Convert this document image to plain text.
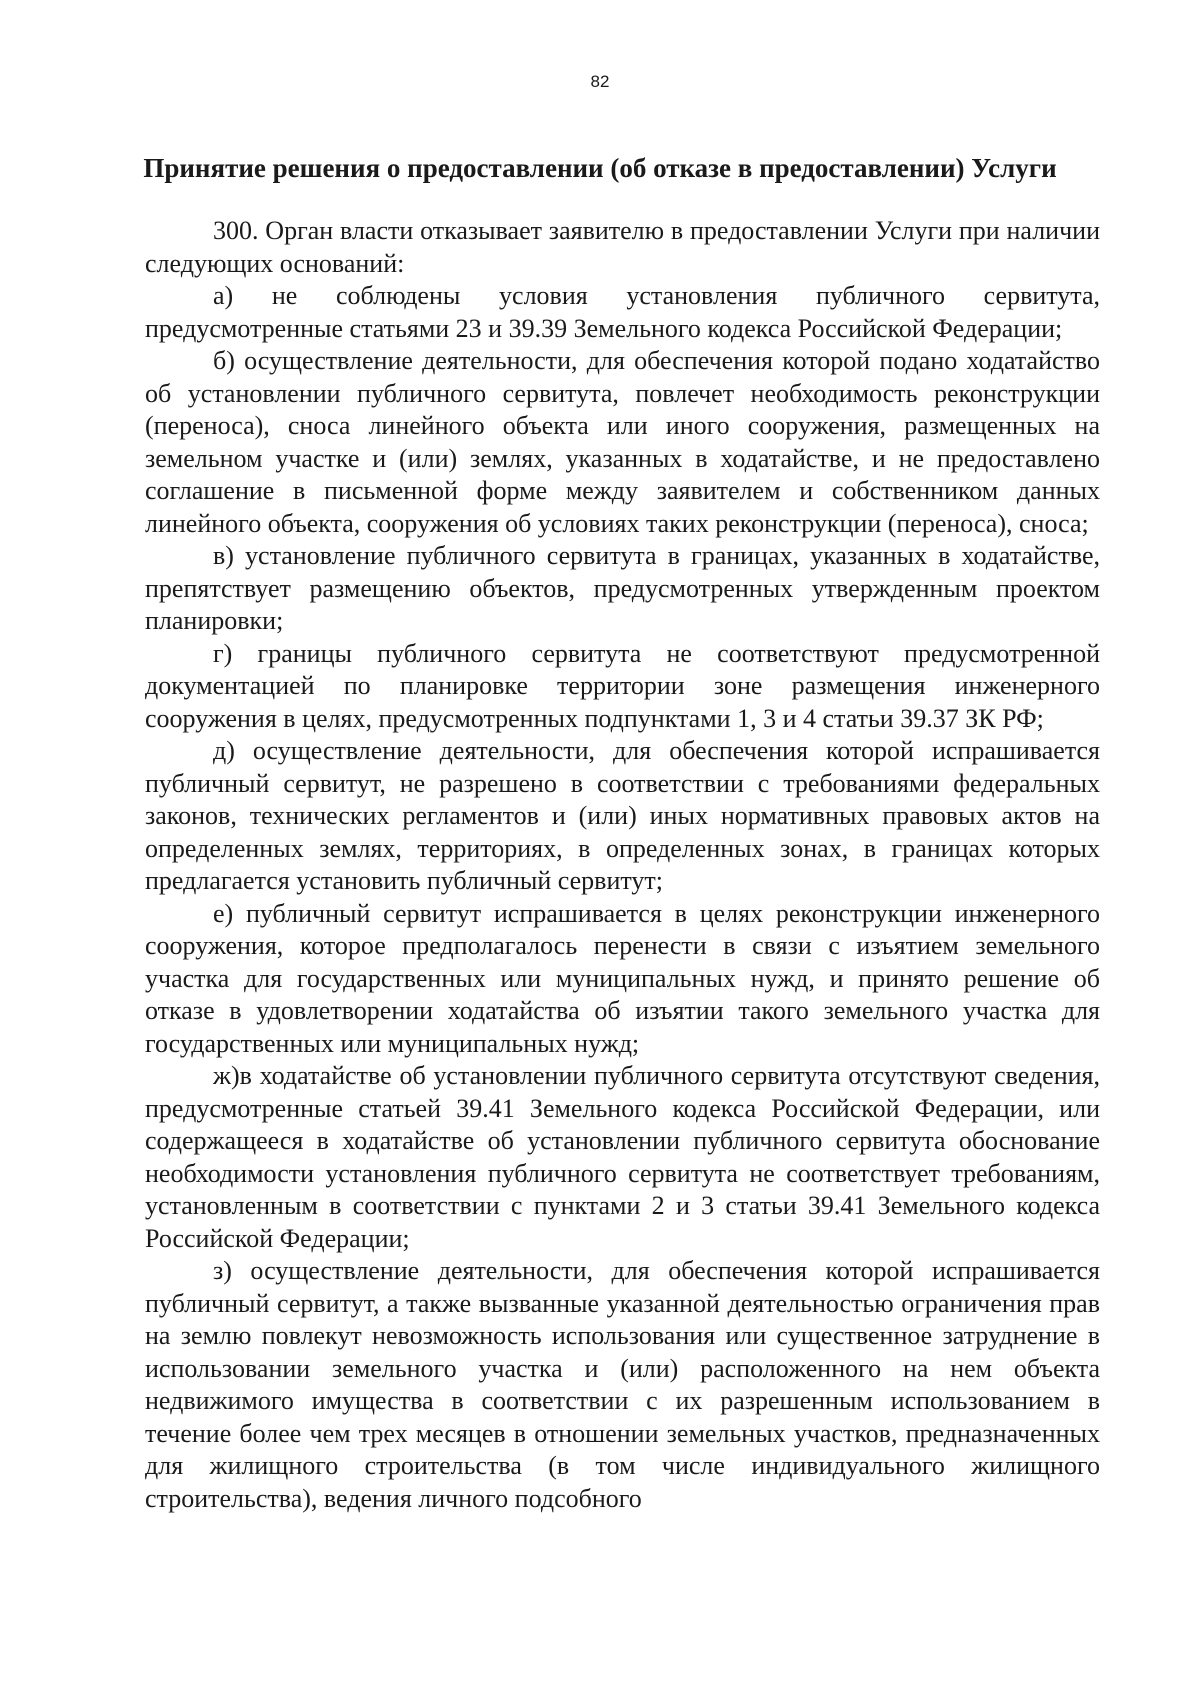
82
Принятие решения о предоставлении (об отказе в предоставлении) Услуги

300. Орган власти отказывает заявителю в предоставлении Услуги при наличии следующих оснований:

а) не соблюдены условия установления публичного сервитута, предусмотренные статьями 23 и 39.39 Земельного кодекса Российской Федерации;

б) осуществление деятельности, для обеспечения которой подано ходатайство об установлении публичного сервитута, повлечет необходимость реконструкции (переноса), сноса линейного объекта или иного сооружения, размещенных на земельном участке и (или) землях, указанных в ходатайстве, и не предоставлено соглашение в письменной форме между заявителем и собственником данных линейного объекта, сооружения об условиях таких реконструкции (переноса), сноса;

в) установление публичного сервитута в границах, указанных в ходатайстве, препятствует размещению объектов, предусмотренных утвержденным проектом планировки;

г) границы публичного сервитута не соответствуют предусмотренной документацией по планировке территории зоне размещения инженерного сооружения в целях, предусмотренных подпунктами 1, 3 и 4 статьи 39.37 ЗК РФ;

д) осуществление деятельности, для обеспечения которой испрашивается публичный сервитут, не разрешено в соответствии с требованиями федеральных законов, технических регламентов и (или) иных нормативных правовых актов на определенных землях, территориях, в определенных зонах, в границах которых предлагается установить публичный сервитут;

е) публичный сервитут испрашивается в целях реконструкции инженерного сооружения, которое предполагалось перенести в связи с изъятием земельного участка для государственных или муниципальных нужд, и принято решение об отказе в удовлетворении ходатайства об изъятии такого земельного участка для государственных или муниципальных нужд;

ж)в ходатайстве об установлении публичного сервитута отсутствуют сведения, предусмотренные статьей 39.41 Земельного кодекса Российской Федерации, или содержащееся в ходатайстве об установлении публичного сервитута обоснование необходимости установления публичного сервитута не соответствует требованиям, установленным в соответствии с пунктами 2 и 3 статьи 39.41 Земельного кодекса Российской Федерации;

з) осуществление деятельности, для обеспечения которой испрашивается публичный сервитут, а также вызванные указанной деятельностью ограничения прав на землю повлекут невозможность использования или существенное затруднение в использовании земельного участка и (или) расположенного на нем объекта недвижимого имущества в соответствии с их разрешенным использованием в течение более чем трех месяцев в отношении земельных участков, предназначенных для жилищного строительства (в том числе индивидуального жилищного строительства), ведения личного подсобного
